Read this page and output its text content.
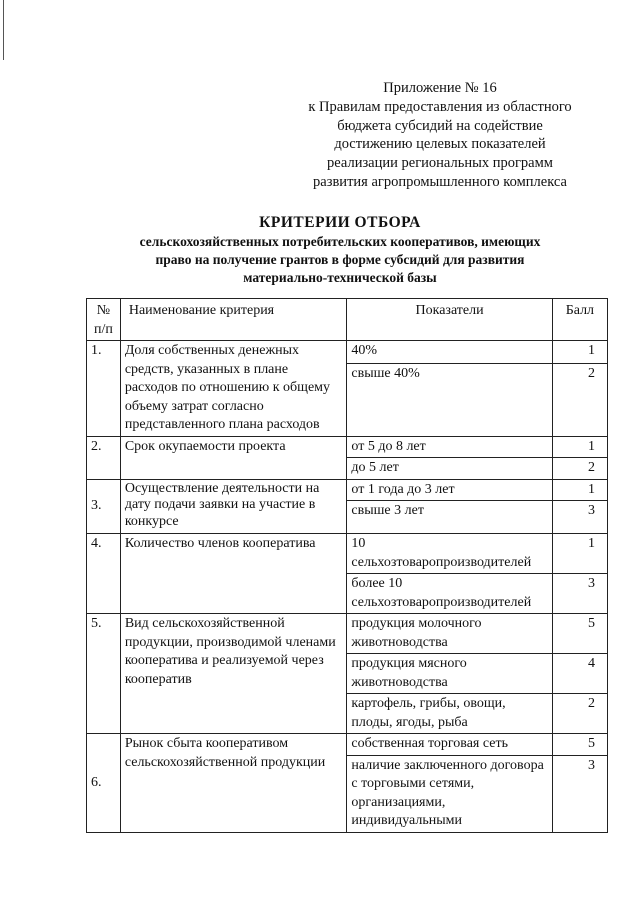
Приложение № 16
к Правилам предоставления из областного
бюджета субсидий на содействие
достижению целевых показателей
реализации региональных программ
развития агропромышленного комплекса
КРИТЕРИИ ОТБОРА
сельскохозяйственных потребительских кооперативов, имеющих
право на получение грантов в форме субсидий для развития
материально-технической базы
№ п/п	Наименование критерия	Показатели	Балл
1.	Доля собственных денежных средств, указанных в плане расходов по отношению к общему объему затрат согласно представленного плана расходов	40%	1
		свыше 40%	2
2.	Срок окупаемости проекта	от 5 до 8 лет	1
		до 5 лет	2
3.	Осуществление деятельности на дату подачи заявки на участие в конкурсе	от 1 года до 3 лет	1
		свыше 3 лет	3
4.	Количество членов кооператива	10 сельхозтоваропроизводителей	1
		более 10 сельхозтоваропроизводителей	3
5.	Вид сельскохозяйственной продукции, производимой членами кооператива и реализуемой через кооператив	продукция молочного животноводства	5
		продукция мясного животноводства	4
		картофель, грибы, овощи, плоды, ягоды, рыба	2
6.	Рынок сбыта кооперативом сельскохозяйственной продукции	собственная торговая сеть	5
		наличие заключенного договора с торговыми сетями, организациями, индивидуальными	3
